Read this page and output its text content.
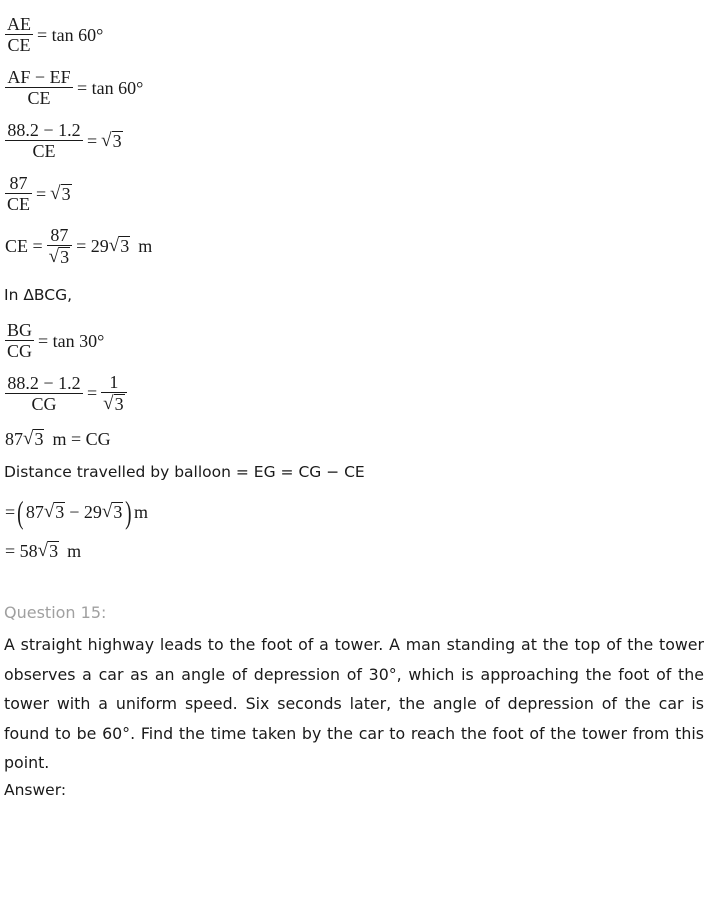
$\frac{AE}{CE} = \tan 60^\circ$
$\frac{AF - EF}{CE} = \tan 60^\circ$
$\frac{88.2 - 1.2}{CE}$ = √ 3
$\frac{87}{CE}$ = √ 3
CE = $\frac{87}{√ 3} = 29$ √ 3 m
In ΔBCG,
$\frac{BG}{CG} = \tan 30^\circ$
$\frac{88.2 - 1.2}{CG} = \frac{1}{√ 3}$
87 √ 3 m = CG
Distance travelled by balloon = EG = CG − CE
= ( 87 √ 3 − 29 √ 3 ) m
= 58 √ 3 m
Question 15:
A straight highway leads to the foot of a tower. A man standing at the top of the tower observes a car as an angle of depression of 30°, which is approaching the foot of the tower with a uniform speed. Six seconds later, the angle of depression of the car is found to be 60°. Find the time taken by the car to reach the foot of the tower from this point.
Answer:
